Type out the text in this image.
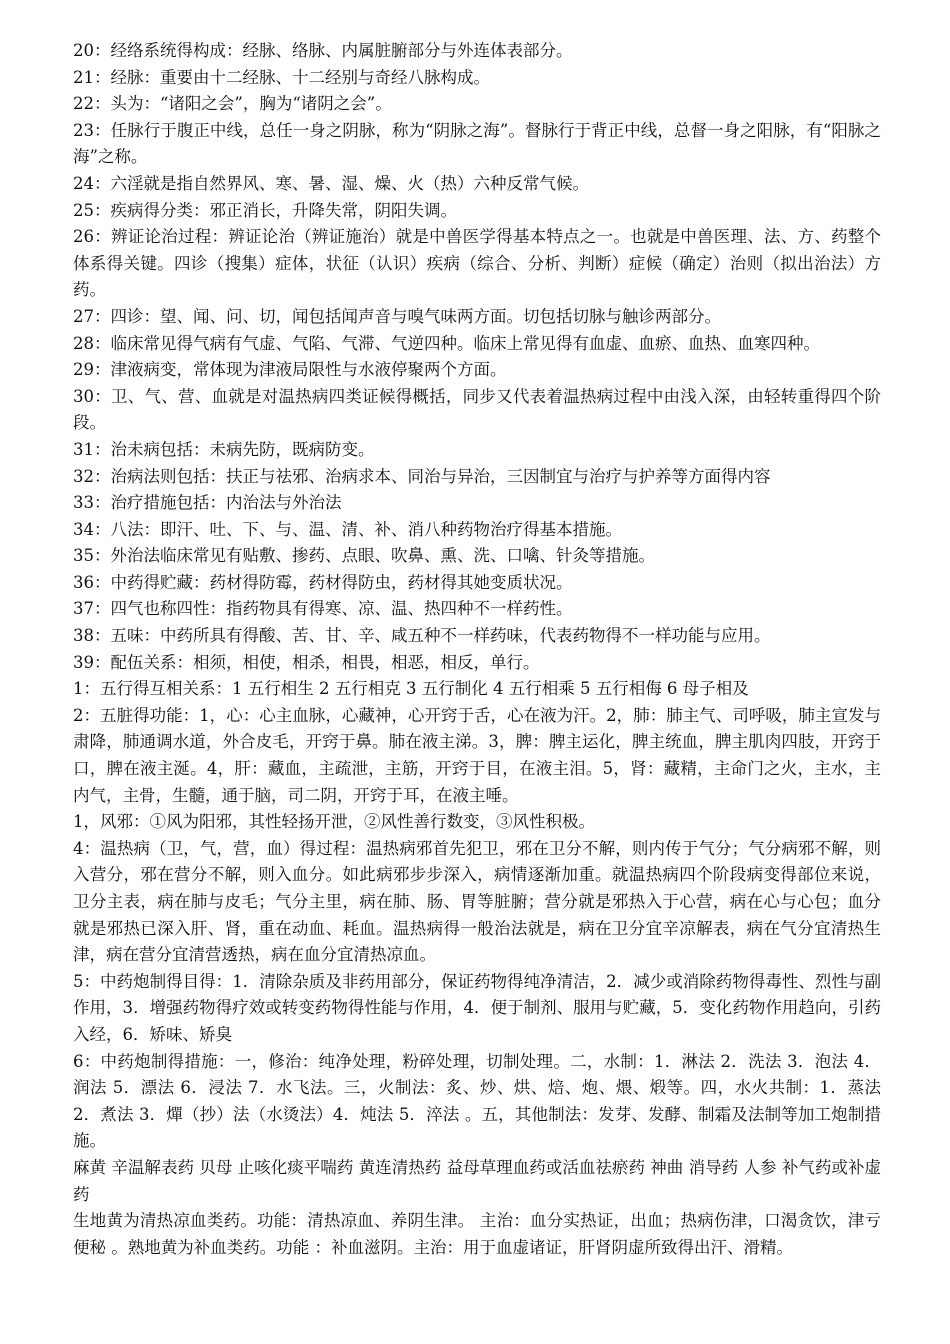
20：经络系统得构成：经脉、络脉、内属脏腑部分与外连体表部分。

21：经脉：重要由十二经脉、十二经别与奇经八脉构成。

22：头为：“诸阳之会”，胸为“诸阴之会”。

23：任脉行于腹正中线，总任一身之阴脉，称为“阴脉之海”。督脉行于背正中线，总督一身之阳脉，有“阳脉之海”之称。

24：六淫就是指自然界风、寒、暑、湿、燥、火（热）六种反常气候。

25：疾病得分类：邪正消长，升降失常，阴阳失调。

26：辨证论治过程：辨证论治（辨证施治）就是中兽医学得基本特点之一。也就是中兽医理、法、方、药整个体系得关键。四诊（搜集）症体，状征（认识）疾病（综合、分析、判断）症候（确定）治则（拟出治法）方药。

27：四诊：望、闻、问、切，闻包括闻声音与嗅气味两方面。切包括切脉与触诊两部分。

28：临床常见得气病有气虚、气陷、气滞、气逆四种。临床上常见得有血虚、血瘀、血热、血寒四种。

29：津液病变，常体现为津液局限性与水液停聚两个方面。

30：卫、气、营、血就是对温热病四类证候得概括，同步又代表着温热病过程中由浅入深，由轻转重得四个阶段。

31：治未病包括：未病先防，既病防变。

32：治病法则包括：扶正与祛邪、治病求本、同治与异治，三因制宜与治疗与护养等方面得内容

33：治疗措施包括：内治法与外治法

34：八法：即汗、吐、下、与、温、清、补、消八种药物治疗得基本措施。

35：外治法临床常见有贴敷、掺药、点眼、吹鼻、熏、洗、口噙、针灸等措施。

36：中药得贮藏：药材得防霉，药材得防虫，药材得其她变质状况。

37：四气也称四性：指药物具有得寒、凉、温、热四种不一样药性。

38：五味：中药所具有得酸、苦、甘、辛、咸五种不一样药味，代表药物得不一样功能与应用。

39：配伍关系：相须，相使，相杀，相畏，相恶，相反，单行。

1：五行得互相关系：1 五行相生 2 五行相克 3 五行制化 4 五行相乘 5 五行相侮 6 母子相及

2：五脏得功能：1，心：心主血脉，心藏神，心开窍于舌，心在液为汗。2，肺：肺主气、司呼吸，肺主宣发与肃降，肺通调水道，外合皮毛，开窍于鼻。肺在液主涕。3，脾：脾主运化，脾主统血，脾主肌肉四肢，开窍于口，脾在液主涎。4，肝：藏血，主疏泄，主筋，开窍于目，在液主泪。5，肾：藏精，主命门之火，主水，主内气，主骨，生髓，通于脑，司二阴，开窍于耳，在液主唾。

1，风邪：①风为阳邪，其性轻扬开泄，②风性善行数变，③风性积极。

4：温热病（卫，气，营，血）得过程：温热病邪首先犯卫，邪在卫分不解，则内传于气分；气分病邪不解，则入营分，邪在营分不解，则入血分。如此病邪步步深入，病情逐渐加重。就温热病四个阶段病变得部位来说，卫分主表，病在肺与皮毛；气分主里，病在肺、肠、胃等脏腑；营分就是邪热入于心营，病在心与心包；血分就是邪热已深入肝、肾，重在动血、耗血。温热病得一般治法就是，病在卫分宜辛凉解表，病在气分宜清热生津，病在营分宜清营透热，病在血分宜清热凉血。

5：中药炮制得目得：1．清除杂质及非药用部分，保证药物得纯净清洁，2．减少或消除药物得毒性、烈性与副作用，3．增强药物得疗效或转变药物得性能与作用，4．便于制剂、服用与贮藏，5．变化药物作用趋向，引药入经，6．矫味、矫臭

6：中药炮制得措施：一，修治：纯净处理，粉碎处理，切制处理。二，水制：1．淋法 2．洗法 3．泡法 4．润法 5．漂法 6．浸法 7．水飞法。三，火制法：炙、炒、烘、焙、炮、煨、煅等。四，水火共制：1．蒸法 2．煮法 3．燀（抄）法（水烫法）4．炖法 5．淬法 。五，其他制法：发芽、发酵、制霜及法制等加工炮制措施。

麻黄 辛温解表药 贝母 止咳化痰平喘药 黄连清热药 益母草理血药或活血祛瘀药 神曲 消导药 人参 补气药或补虚药

生地黄为清热凉血类药。功能：清热凉血、养阴生津。 主治：血分实热证，出血；热病伤津，口渴贪饮，津亏便秘 。熟地黄为补血类药。功能 ：补血滋阴。主治：用于血虚诸证，肝肾阴虚所致得出汗、滑精。
